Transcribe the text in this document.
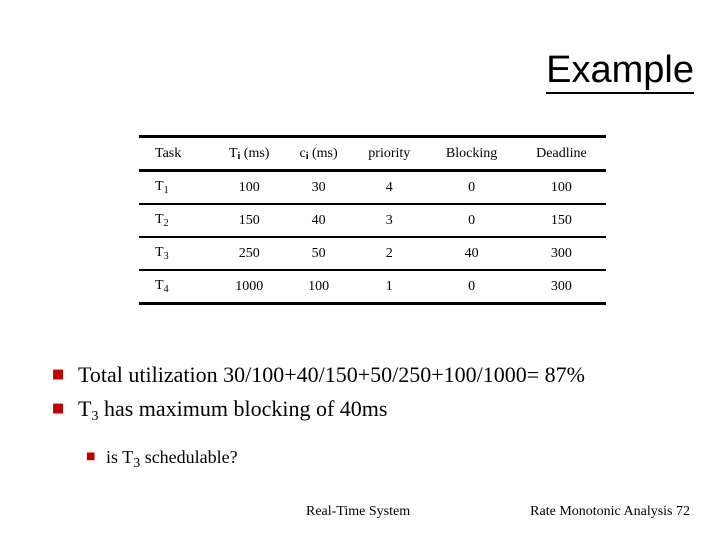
Example
Task	Ti (ms)	ci (ms)	priority	Blocking	Deadline
$T_1$	100	30	4	0	100
$T_2$	150	40	3	0	150
$T_3$	250	50	2	40	300
$T_4$	1000	100	1	0	300
■ Total utilization 30/100+40/150+50/250+100/1000= 87%
■ T3 has maximum blocking of 40ms
■ is $T_3$ schedulable?
Real-Time System	Rate Monotonic Analysis 72
